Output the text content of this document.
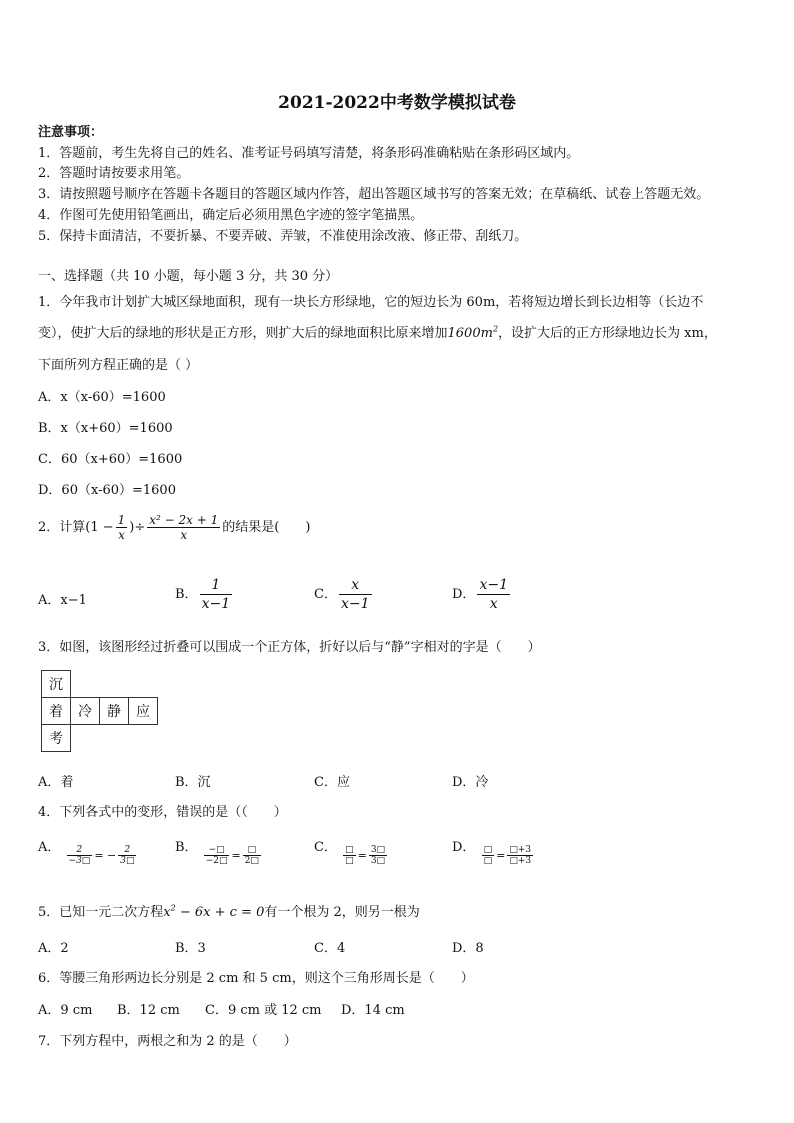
2021-2022中考数学模拟试卷
注意事项：
1．答题前，考生先将自己的姓名、准考证号码填写清楚，将条形码准确粘贴在条形码区域内。
2．答题时请按要求用笔。
3．请按照题号顺序在答题卡各题目的答题区域内作答，超出答题区域书写的答案无效；在草稿纸、试卷上答题无效。
4．作图可先使用铅笔画出，确定后必须用黑色字迹的签字笔描黑。
5．保持卡面清洁，不要折暴、不要弄破、弄皱，不准使用涂改液、修正带、刮纸刀。
一、选择题（共 10 小题，每小题 3 分，共 30 分）
1．今年我市计划扩大城区绿地面积，现有一块长方形绿地，它的短边长为 60m，若将短边增长到长边相等（长边不
变），使扩大后的绿地的形状是正方形，则扩大后的绿地面积比原来增加$1600m^2$，设扩大后的正方形绿地边长为 xm，
下面所列方程正确的是（ ）
A．x（x-60）=1600
B．x（x+60）=1600
C．60（x+60）=1600
D．60（x-60）=1600
2．计算($1 - \frac{1}{x}$ )÷ $\frac{\text{x² − 2x + 1}}{x}$ 的结果是(　　)
A．x−1	B． $\frac{1}{x-1}$	C． $\frac{x}{x-1}$	D． $\frac{x-1}{x}$
3．如图，该图形经过折叠可以围成一个正方体，折好以后与“静”字相对的字是（　　）
沉			
着	冷	静	应
考			
A．着	B．沉	C．应	D．冷
4．下列各式中的变形，错误的是（（　　）
A． $\frac{2}{-3□}$ = − $\frac{2}{3□}$	B． $\frac{-□}{-2□} = \frac{□}{2□}$	C． $\frac{□}{□} = \frac{3□}{3□}$	D． $\frac{□}{□} = \frac{□+3}{□+3}$
5．已知一元二次方程$x^2 - 6x + c = 0$有一个根为 2，则另一根为
A．2	B．3	C．4	D．8
6．等腰三角形两边长分别是 2 cm 和 5 cm，则这个三角形周长是（　　）
A．9 cm B．12 cm C．9 cm 或 12 cm D．14 cm
7．下列方程中，两根之和为 2 的是（　　）
